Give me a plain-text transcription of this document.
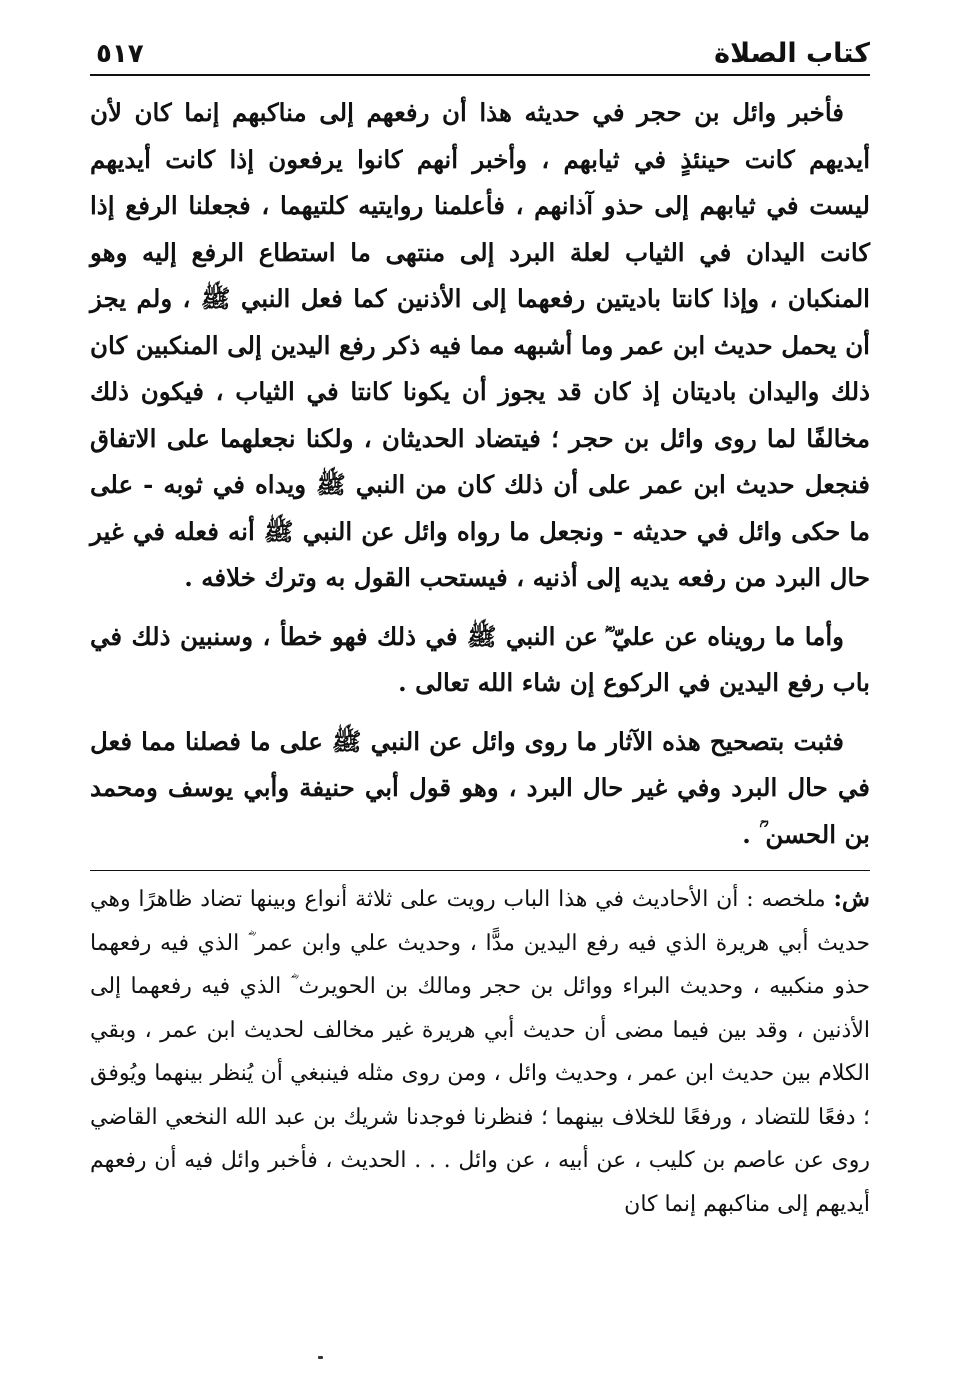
كتاب الصلاة
٥١٧

فأخبر وائل بن حجر في حديثه هذا أن رفعهم إلى مناكبهم إنما كان لأن أيديهم كانت حينئذٍ في ثيابهم ، وأخبر أنهم كانوا يرفعون إذا كانت أيديهم ليست في ثيابهم إلى حذو آذانهم ، فأعلمنا روايتيه كلتيهما ، فجعلنا الرفع إذا كانت اليدان في الثياب لعلة البرد إلى منتهى ما استطاع الرفع إليه وهو المنكبان ، وإذا كانتا باديتين رفعهما إلى الأذنين كما فعل النبي ﷺ ، ولم يجز أن يحمل حديث ابن عمر وما أشبهه مما فيه ذكر رفع اليدين إلى المنكبين كان ذلك واليدان باديتان إذ كان قد يجوز أن يكونا كانتا في الثياب ، فيكون ذلك مخالفًا لما روى وائل بن حجر ؛ فيتضاد الحديثان ، ولكنا نجعلهما على الاتفاق فنجعل حديث ابن عمر على أن ذلك كان من النبي ﷺ ويداه في ثوبه - على ما حكى وائل في حديثه - ونجعل ما رواه وائل عن النبي ﷺ أنه فعله في غير حال البرد من رفعه يديه إلى أذنيه ، فيستحب القول به وترك خلافه .

وأما ما رويناه عن عليّ ؓ عن النبي ﷺ في ذلك فهو خطأ ، وسنبين ذلك في باب رفع اليدين في الركوع إن شاء الله تعالى .

فثبت بتصحيح هذه الآثار ما روى وائل عن النبي ﷺ على ما فصلنا مما فعل في حال البرد وفي غير حال البرد ، وهو قول أبي حنيفة وأبي يوسف ومحمد بن الحسن ؒ .

ش: ملخصه : أن الأحاديث في هذا الباب رويت على ثلاثة أنواع وبينها تضاد ظاهرًا وهي حديث أبي هريرة الذي فيه رفع اليدين مدًّا ، وحديث علي وابن عمر ؓ الذي فيه رفعهما حذو منكبيه ، وحديث البراء ووائل بن حجر ومالك بن الحويرث ؓ الذي فيه رفعهما إلى الأذنين ، وقد بين فيما مضى أن حديث أبي هريرة غير مخالف لحديث ابن عمر ، وبقي الكلام بين حديث ابن عمر ، وحديث وائل ، ومن روى مثله فينبغي أن يُنظر بينهما ويُوفق ؛ دفعًا للتضاد ، ورفعًا للخلاف بينهما ؛ فنظرنا فوجدنا شريك بن عبد الله النخعي القاضي روى عن عاصم بن كليب ، عن أبيه ، عن وائل . . . الحديث ، فأخبر وائل فيه أن رفعهم أيديهم إلى مناكبهم إنما كان
